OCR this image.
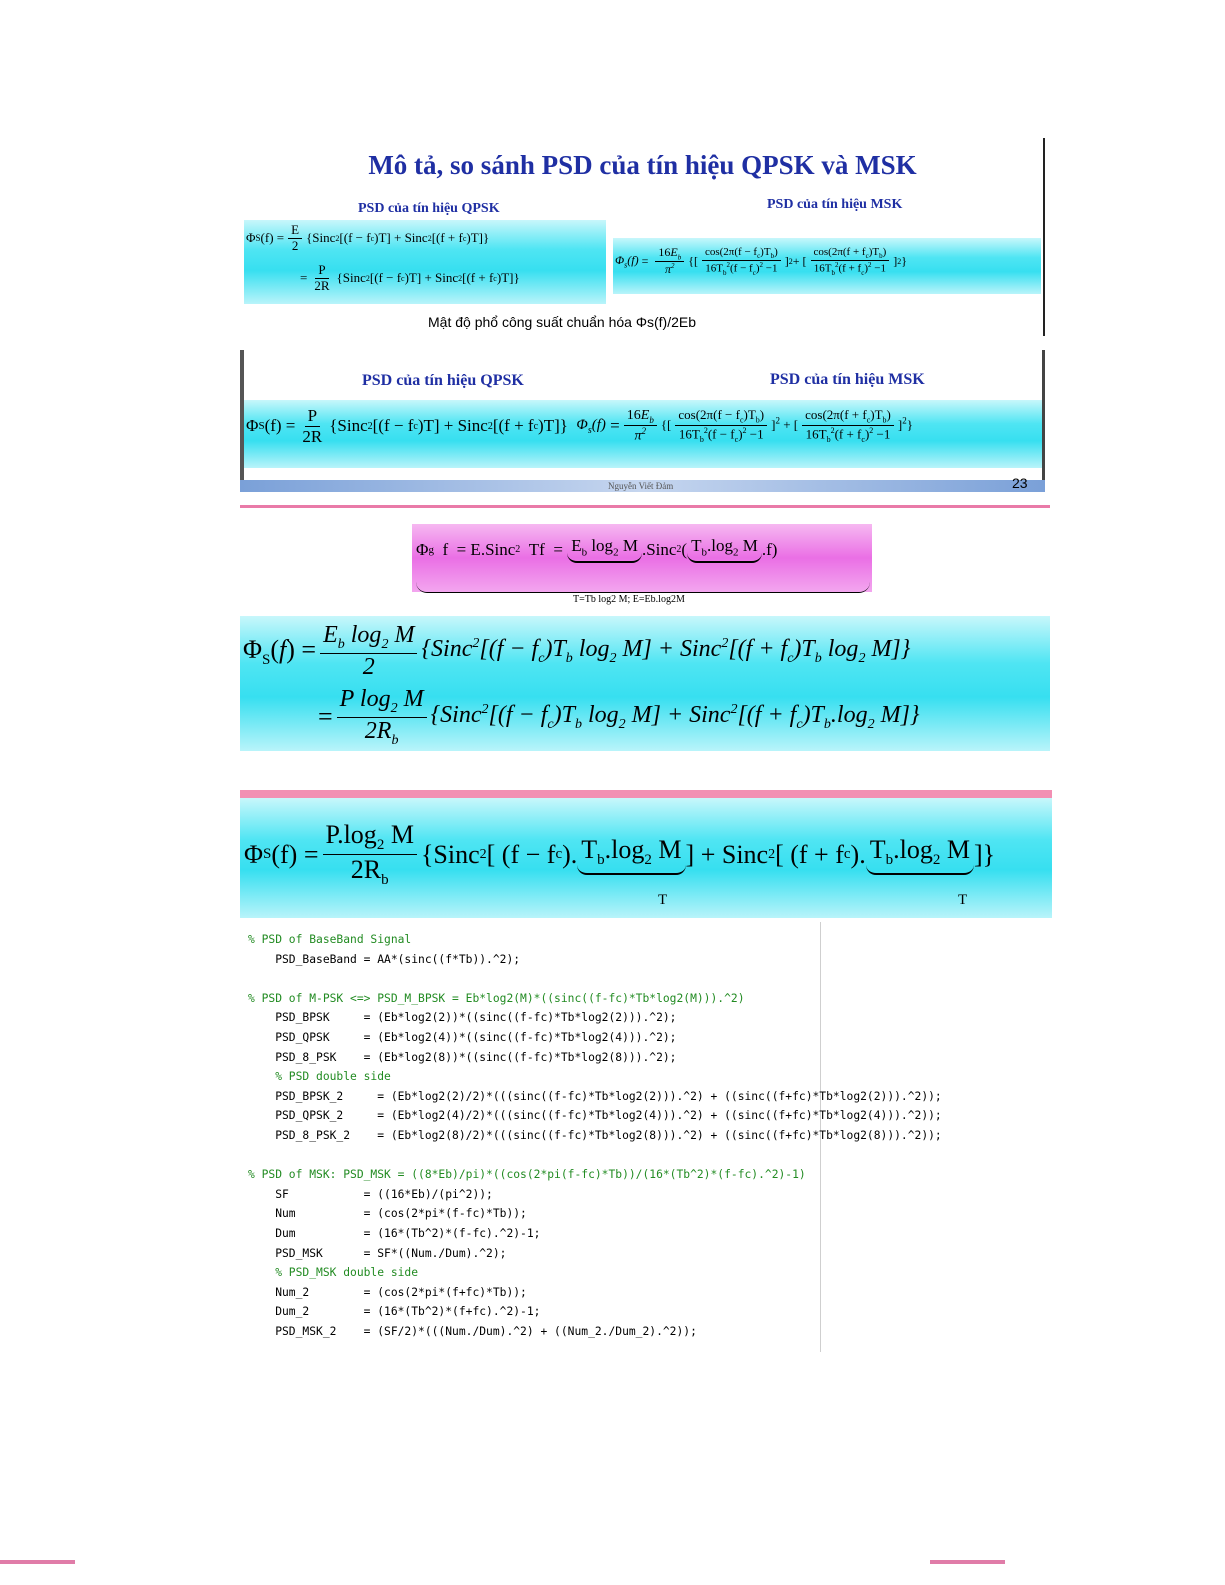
Mô tả, so sánh PSD của tín hiệu QPSK và MSK
PSD của tín hiệu QPSK	PSD của tín hiệu MSK
Φ S $(f) = \frac{E}{2}$ {Sinc 2 [(f − f c )T] + Sinc 2 [(f + f c )T]}
= $\frac{P}{2R}$ {Sinc 2 [(f − f c )T] + Sinc 2 [(f + f c )T]}
$\Phi_s(f) = \frac{16E_b}{\pi^2}$ {[ $\frac{\cos(2\pi(f - f_c)T_b)}{16T_b^2(f - f_c)^2 -1}$ ] 2 + [ $\frac{\cos(2\pi(f + f_c)T_b)}{16T_b^2(f + f_c)^2 -1}$ ] 2 }
Mật độ phổ công suất chuẩn hóa Φs(f)/2Eb
PSD của tín hiệu QPSK	PSD của tín hiệu MSK
Φ S $(f) = \frac{P}{2R}$ {Sinc 2 [(f − f c )T] + Sinc 2 [(f + f c )T]} $\Phi_s(f) = \frac{16E_b}{\pi^2}$ {[ $\frac{\cos(2\pi(f - f_c)T_b)}{16T_b^2(f - f_c)^2 -1} ]^2$ + [ $\frac{\cos(2\pi(f + f_c)T_b)}{16T_b^2(f + f_c)^2 -1} ]^2$}
Nguyễn Viết Đảm	23
Φ g f  = E.Sinc 2 $Tf = E_b$ $\log_2 M$ .Sinc 2 ( $T_b.\log_2$ M .f)
T=Tb log2 M; E=Eb.log2M
$\Phi_S(f) = \frac{E_b \log_2 M}{2}$ {Sinc$^2$[(f − $f_c)T_b$ $\log_2 M$] + Sinc$^2$[(f + $f_c)T_b$ $\log_2 M$]}
= $\frac{P \log_2 M}{2R_b}$ {Sinc$^2$[(f − $f_c)T_b$ $\log_2 M$] + Sinc$^2$[(f + $f_c)T_b.\log_2$ M]}
Φ S $(f) = \frac{P.\log_2 M}{2R_b}$ {Sinc 2 [ (f − f c ). $T_b.\log_2$ M ] + Sinc 2 [ (f + f c ). $T_b.\log_2$ M ]}
T	T
% PSD of BaseBand Signal
PSD_BaseBand = AA*(sinc((f*Tb)).^2);

% PSD of M-PSK <=> PSD_M_BPSK = Eb*log2(M)*((sinc((f-fc)*Tb*log2(M))).^2)
PSD_BPSK     = (Eb*log2(2))*((sinc((f-fc)*Tb*log2(2))).^2);
PSD_QPSK     = (Eb*log2(4))*((sinc((f-fc)*Tb*log2(4))).^2);
PSD_8_PSK    = (Eb*log2(8))*((sinc((f-fc)*Tb*log2(8))).^2);
% PSD double side
PSD_BPSK_2     = (Eb*log2(2)/2)*(((sinc((f-fc)*Tb*log2(2))).^2) + ((sinc((f+fc)*Tb*log2(2))).^2));
PSD_QPSK_2     = (Eb*log2(4)/2)*(((sinc((f-fc)*Tb*log2(4))).^2) + ((sinc((f+fc)*Tb*log2(4))).^2));
PSD_8_PSK_2    = (Eb*log2(8)/2)*(((sinc((f-fc)*Tb*log2(8))).^2) + ((sinc((f+fc)*Tb*log2(8))).^2));

% PSD of MSK: PSD_MSK = ((8*Eb)/pi)*((cos(2*pi(f-fc)*Tb))/(16*(Tb^2)*(f-fc).^2)-1)
SF           = ((16*Eb)/(pi^2));
Num          = (cos(2*pi*(f-fc)*Tb));
Dum          = (16*(Tb^2)*(f-fc).^2)-1;
PSD_MSK      = SF*((Num./Dum).^2);
% PSD_MSK double side
Num_2        = (cos(2*pi*(f+fc)*Tb));
Dum_2        = (16*(Tb^2)*(f+fc).^2)-1;
PSD_MSK_2    = (SF/2)*(((Num./Dum).^2) + ((Num_2./Dum_2).^2));
